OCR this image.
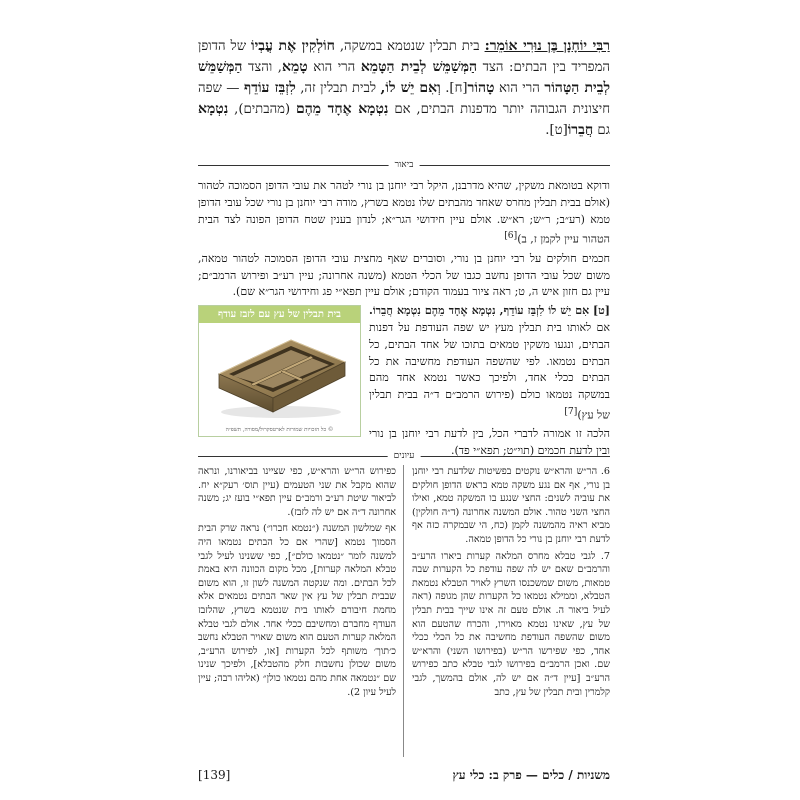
רַבִּי יוֹחָנָן בֶּן נוּרִי אוֹמֵר: בית תבלין שנטמא במשקה, חוֹלְקִין אֶת עֳבְיוֹ של הדופן המפריד בין הבתים: הצד הַמְּשַׁמֵּשׁ לְבֵית הַטָּמֵא הרי הוא טָמֵא, והצד הַמְּשַׁמֵּשׁ לְבֵית הַטָּהוֹר הרי הוא טָהוֹר[ח]. וְאִם יֵשׁ לוֹ, לבית תבלין זה, לִזְבֵּז עוֹדֵף — שפה חיצונית הגבוהה יותר מדפנות הבתים, אם נִטְמָא אֶחָד מֵהֶם (מהבתים), נִטְמָא גם חֲבֵרוֹ[ט].
ביאור

ודוקא בטומאת משקין, שהיא מדרבנן, היקל רבי יוחנן בן נורי לטהר את עובי הדופן הסמוכה לטהור (אולם בבית תבלין מחרס שאחד מהבתים שלו נטמא בשרץ, מודה רבי יוחנן בן נורי שכל עובי הדופן טמא (רע״ב; ר״ש; רא״ש. אולם עיין חידושי הגר״א; לנדון בענין שטח הדופן הפונה לצד הבית הטהור עיין לקמן ז, ב)[6]

חכמים חולקים על רבי יוחנן בן נורי, וסוברים שאף מחצית עובי הדופן הסמוכה לטהור טמאה, משום שכל עובי הדופן נחשב כגבו של הכלי הטמא (משנה אחרונה; עיין רע״ב ופירוש הרמב״ם; עיין גם חזון איש ה, ט; ראה ציור בעמוד הקודם; אולם עיין תפא״י פג וחידושי הגר״א שם).

בית תבלין של עץ עם לזבז עודף
© כל הזכויות שמורות לארטסקרול/מסורה, תשפ״ה

[ט] אִם יֵשׁ לוֹ לִזְבֵּז עוֹדֵף, נִטְמָא אֶחָד מֵהֶם נִטְמָא חֲבֵרוֹ. אם לאותו בית תבלין מעץ יש שפה העודפת על דפנות הבתים, ונגעו משקין טמאים בתוכו של אחד הבתים, כל הבתים נטמאו. לפי שהשפה העודפת מחשיבה את כל הבתים ככלי אחד, ולפיכך כאשר נטמא אחד מהם במשקה נטמאו כולם (פירוש הרמב״ם ד״ה בבית תבלין של עץ)[7]

הלכה זו אמורה לדברי הכל, בין לדעת רבי יוחנן בן נורי ובין לדעת חכמים (תוי״ט; תפא״י פד).

עיונים

6. הר״ש והרא״ש נוקטים בפשיטות שלדעת רבי יוחנן בן נורי, אף אם נגע משקה טמא בראש הדופן חולקים את עוביה לשנים: החצי שנגע בו המשקה טמא, ואילו החצי השני טהור. אולם המשנה אחרונה (ד״ה חולקין) מביא ראיה מהמשנה לקמן (כח, הי שבמקרה כזה אף לדעת רבי יוחנן בן נורי כל הדופן טמאה.

7. לגבי טבלא מחרס המלאה קערות ביארו הרע״ב והרמב״ם שאם יש לה שפה עודפת כל הקערות שבה טמאות, משום שמשכנסו השרץ לאויר הטבלא נטמאת הטבלא, וממילא נטמאו כל הקערות שהן מגופה (ראה לעיל ביאור ה. אולם טעם זה אינו שייך בבית תבלין של עץ, שאינו נטמא מאוירו, והכרח שהטעם הוא משום שהשפה העודפת מחשיבה את כל הכלי ככלי אחד, כפי שפירשו הר״ש (בפירושו השני) והרא״ש שם. ואכן הרמב״ם בפירושו לגבי טבלא כתב כפירוש הרע״ב [עיין ד״ה אם יש לה, אולם בהמשך, לגבי קלמרין ובית תבלין של עץ, כתב

כפירוש הר״ש והרא״ש, כפי שציינו בביאורנו, ונראה שהוא מקבל את שני הטעמים (עיין תוס׳ רעק״א יח. לביאור שיטת רע״ב ורמב״ם עיין תפא״י בועז יג; משנה אחרונה ד״ה אם יש לה לזבז).

אף שמלשון המשנה (״נטמא חברו״) נראה שרק הבית הסמוך נטמא [שהרי אם כל הבתים נטמאו היה למשנה לומר ״נטמאו כולם״], כפי ששנינו לעיל לגבי טבלא המלאה קערות], מכל מקום הכוונה היא באמת לכל הבתים. ומה שנקטה המשנה לשון זו, הוא משום שבבית תבלין של עץ אין שאר הבתים נטמאים אלא מחמת חיבורם לאותו בית שנטמא בשרץ, שהלזבז העודף מחברם ומחשיבם ככלי אחד. אולם לגבי טבלא המלאה קערות הטעם הוא משום שאויר הטבלא נחשב כ׳תוך׳ משותף לכל הקערות [או, לפירוש הרע״ב, משום שכולן נחשבות חלק מהטבלא], ולפיכך שנינו שם ״נטמאה אחת מהם נטמאו כולן״ (אליהו רבה; עיין לעיל עיון 2).

משניות / כלים — פרק ב: כלי עץ
[139]
